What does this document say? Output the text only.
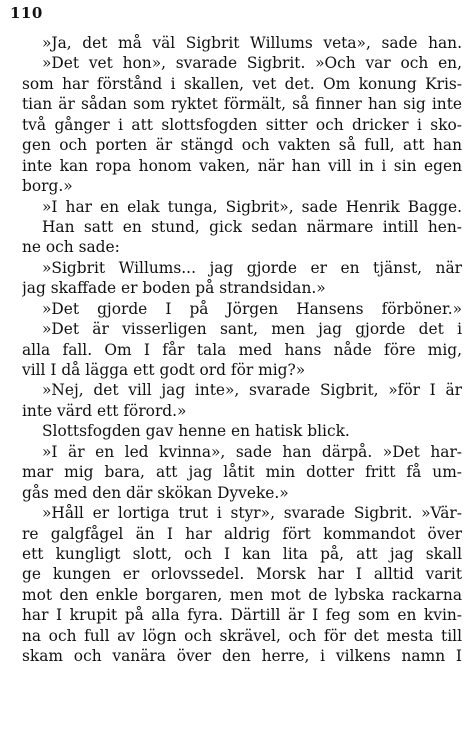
110
»Ja, det må väl Sigbrit Willums veta», sade han.
»Det vet hon», svarade Sigbrit. »Och var och en,
som har förstånd i skallen, vet det. Om konung Kris-
tian är sådan som ryktet förmält, så finner han sig inte
två gånger i att slottsfogden sitter och dricker i sko-
gen och porten är stängd och vakten så full, att han
inte kan ropa honom vaken, när han vill in i sin egen
borg.»
»I har en elak tunga, Sigbrit», sade Henrik Bagge.
Han satt en stund, gick sedan närmare intill hen-
ne och sade:
»Sigbrit Willums... jag gjorde er en tjänst, när
jag skaffade er boden på strandsidan.»
»Det gjorde I på Jörgen Hansens förböner.»
»Det är visserligen sant, men jag gjorde det i
alla fall. Om I får tala med hans nåde före mig,
vill I då lägga ett godt ord för mig?»
»Nej, det vill jag inte», svarade Sigbrit, »för I är
inte värd ett förord.»
Slottsfogden gav henne en hatisk blick.
»I är en led kvinna», sade han därpå. »Det har-
mar mig bara, att jag låtit min dotter fritt få um-
gås med den där skökan Dyveke.»
»Håll er lortiga trut i styr», svarade Sigbrit. »Vär-
re galgfågel än I har aldrig fört kommandot över
ett kungligt slott, och I kan lita på, att jag skall
ge kungen er orlovssedel. Morsk har I alltid varit
mot den enkle borgaren, men mot de lybska rackarna
har I krupit på alla fyra. Därtill är I feg som en kvin-
na och full av lögn och skrävel, och för det mesta till
skam och vanära över den herre, i vilkens namn I
